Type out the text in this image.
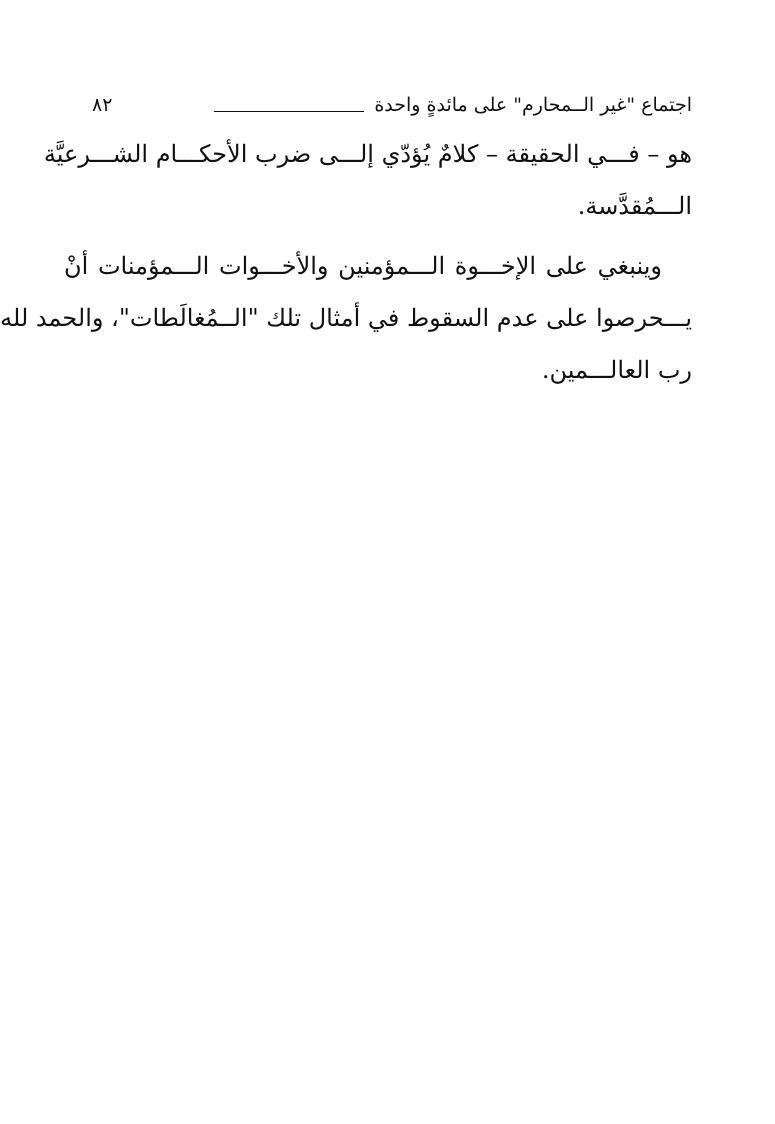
اجتماع "غير الــمحارم" على مائدةٍ واحدة
٨٢
هو – فـــي الحقيقة – كلامٌ يُؤدّي إلـــى ضرب الأحكـــام الشـــرعيَّة
الـــمُقدَّسة.
وينبغي على الإخـــوة الـــمؤمنين والأخـــوات الـــمؤمنات أنْ
يـــحرصوا على عدم السقوط في أمثال تلك "الــمُغالَطات"، والحمد لله
رب العالـــمين.
